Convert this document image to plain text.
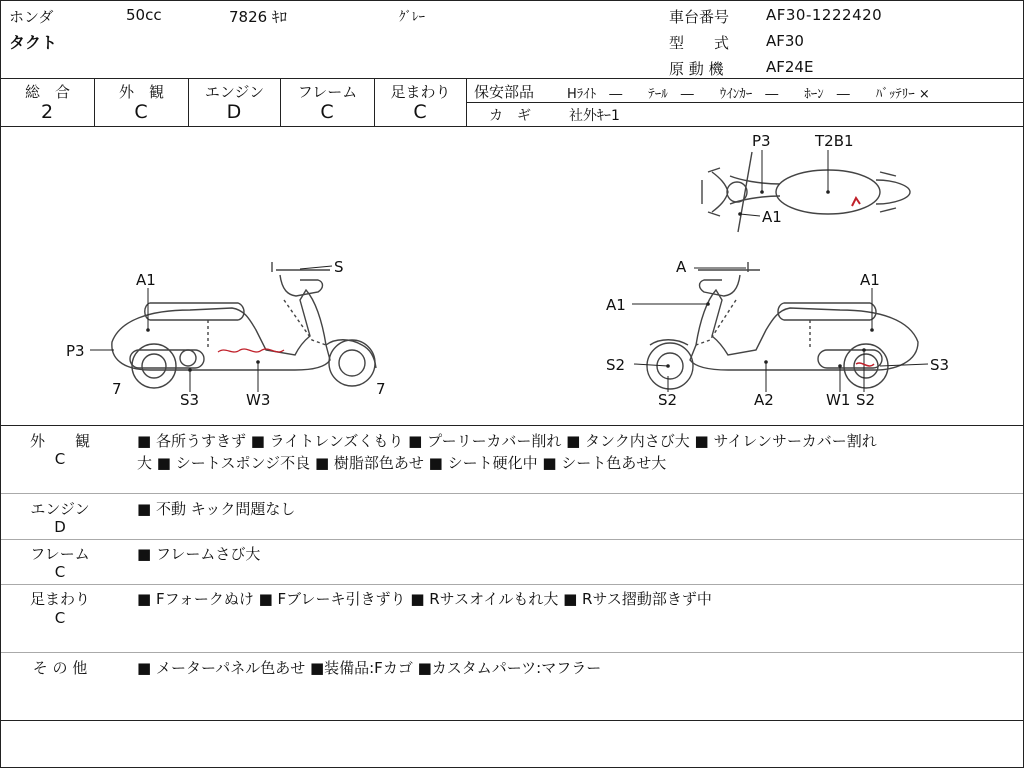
ホンダ	50cc	7826 ｷﾛ	ｸﾞﾚｰ
タクト
車台番号 AF30-1222420
型　　式 AF30
原 動 機	AF24E
総　合	外　観	エンジン	フレーム	足まわり
2	C	D	C	C
保安部品	Hﾗｲﾄ　―　　ﾃｰﾙ　―　　ｳｲﾝｶｰ　―　　ﾎｰﾝ　―　　ﾊﾞｯﾃﾘｰ ×
カ　ギ	社外ｷｰ1
外　　観
C
■ 各所うすきず ■ ライトレンズくもり ■ プーリーカバー削れ ■ タンク内さび大 ■ サイレンサーカバー割れ
大 ■ シートスポンジ不良 ■ 樹脂部色あせ ■ シート硬化中 ■ シート色あせ大
エンジン
D
■ 不動 キック問題なし
フレーム
C
■ フレームさび大
足まわり
C
■ Fフォークぬけ ■ Fブレーキ引きずり ■ Rサスオイルもれ大 ■ Rサス摺動部きず中
そ の 他	■ メーターパネル色あせ ■装備品:Fカゴ ■カスタムパーツ:マフラー
A1
S
P3
7
S3	W3
7
A
A1
A1
S2	S3
S2	A2	W1 S2
P3	T2B1
A1
